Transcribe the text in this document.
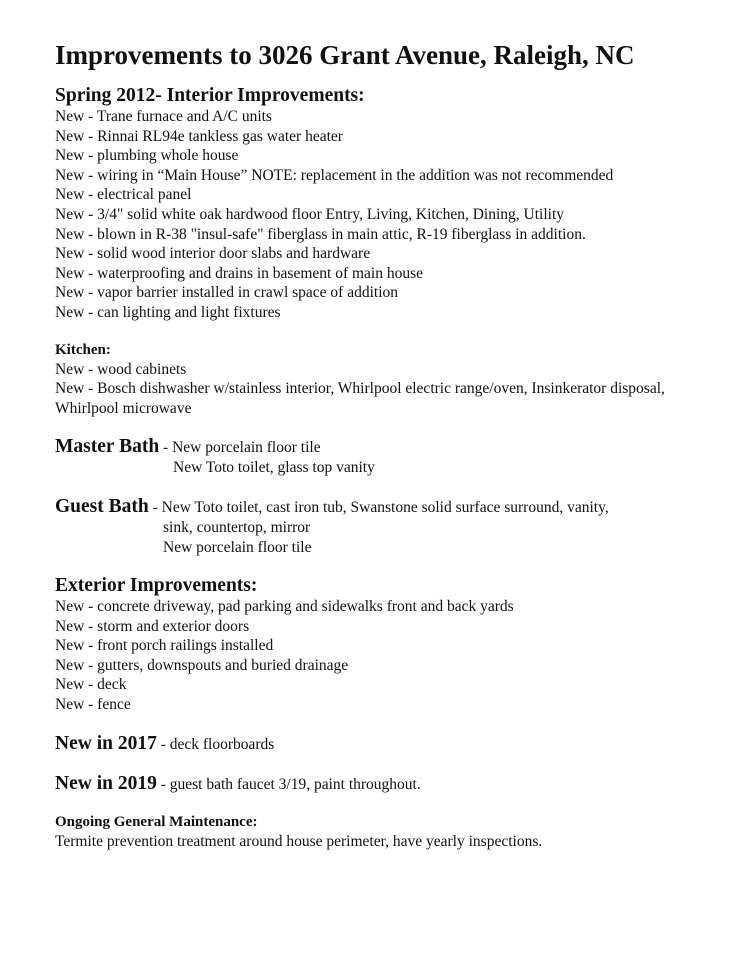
Improvements to 3026 Grant Avenue, Raleigh, NC
Spring 2012- Interior Improvements:
New - Trane furnace and A/C units
New - Rinnai RL94e tankless gas water heater
New - plumbing whole house
New - wiring in “Main House” NOTE: replacement in the addition was not recommended
New - electrical panel
New - 3/4" solid white oak hardwood floor Entry, Living, Kitchen, Dining, Utility
New - blown in R-38 "insul-safe" fiberglass in main attic, R-19 fiberglass in addition.
New - solid wood interior door slabs and hardware
New - waterproofing and drains in basement of main house
New - vapor barrier installed in crawl space of addition
New - can lighting and light fixtures
Kitchen:
New - wood cabinets
New - Bosch dishwasher w/stainless interior, Whirlpool electric range/oven, Insinkerator disposal, Whirlpool microwave
Master Bath - New porcelain floor tile
New Toto toilet, glass top vanity
Guest Bath - New Toto toilet, cast iron tub, Swanstone solid surface surround, vanity,
sink, countertop, mirror
New porcelain floor tile
Exterior Improvements:
New - concrete driveway, pad parking and sidewalks front and back yards
New - storm and exterior doors
New - front porch railings installed
New - gutters, downspouts and buried drainage
New - deck
New - fence
New in 2017 - deck floorboards
New in 2019 - guest bath faucet 3/19, paint throughout.
Ongoing General Maintenance:
Termite prevention treatment around house perimeter, have yearly inspections.
